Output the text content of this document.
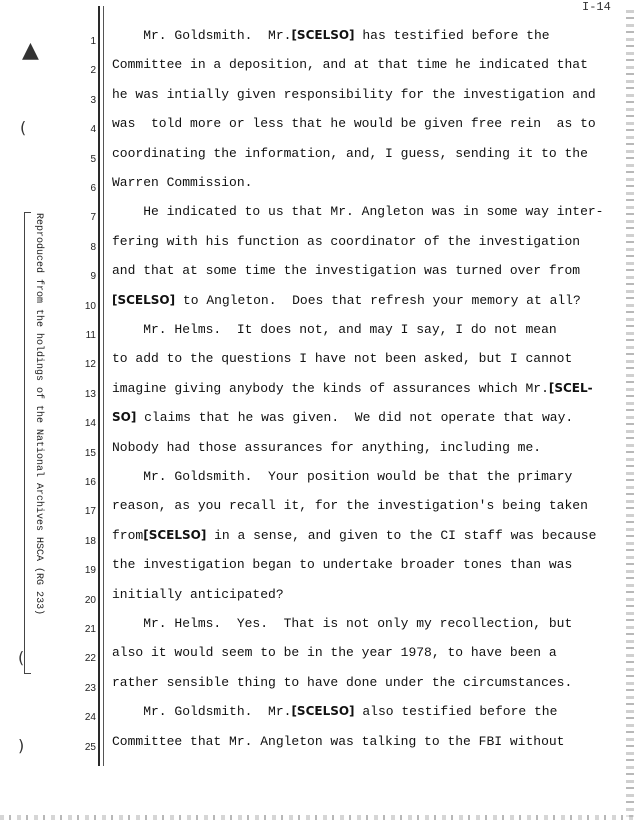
I-14
Reproduced from the holdings of the National Archives HSCA (RG 233)
▲
(
(
)
1 Mr. Goldsmith.  Mr.[SCELSO] has testified before the
2 Committee in a deposition, and at that time he indicated that
3 he was intially given responsibility for the investigation and
4 was  told more or less that he would be given free rein  as to
5 coordinating the information, and, I guess, sending it to the
6 Warren Commission.
7 He indicated to us that Mr. Angleton was in some way inter-
8 fering with his function as coordinator of the investigation
9 and that at some time the investigation was turned over from
10 [SCELSO] to Angleton.  Does that refresh your memory at all?
11 Mr. Helms.  It does not, and may I say, I do not mean
12 to add to the questions I have not been asked, but I cannot
13 imagine giving anybody the kinds of assurances which Mr.[SCEL-
14 SO] claims that he was given.  We did not operate that way.
15 Nobody had those assurances for anything, including me.
16 Mr. Goldsmith.  Your position would be that the primary
17 reason, as you recall it, for the investigation's being taken
18 from[SCELSO] in a sense, and given to the CI staff was because
19 the investigation began to undertake broader tones than was
20 initially anticipated?
21 Mr. Helms.  Yes.  That is not only my recollection, but
22 also it would seem to be in the year 1978, to have been a
23 rather sensible thing to have done under the circumstances.
24 Mr. Goldsmith.  Mr.[SCELSO] also testified before the
25 Committee that Mr. Angleton was talking to the FBI without
